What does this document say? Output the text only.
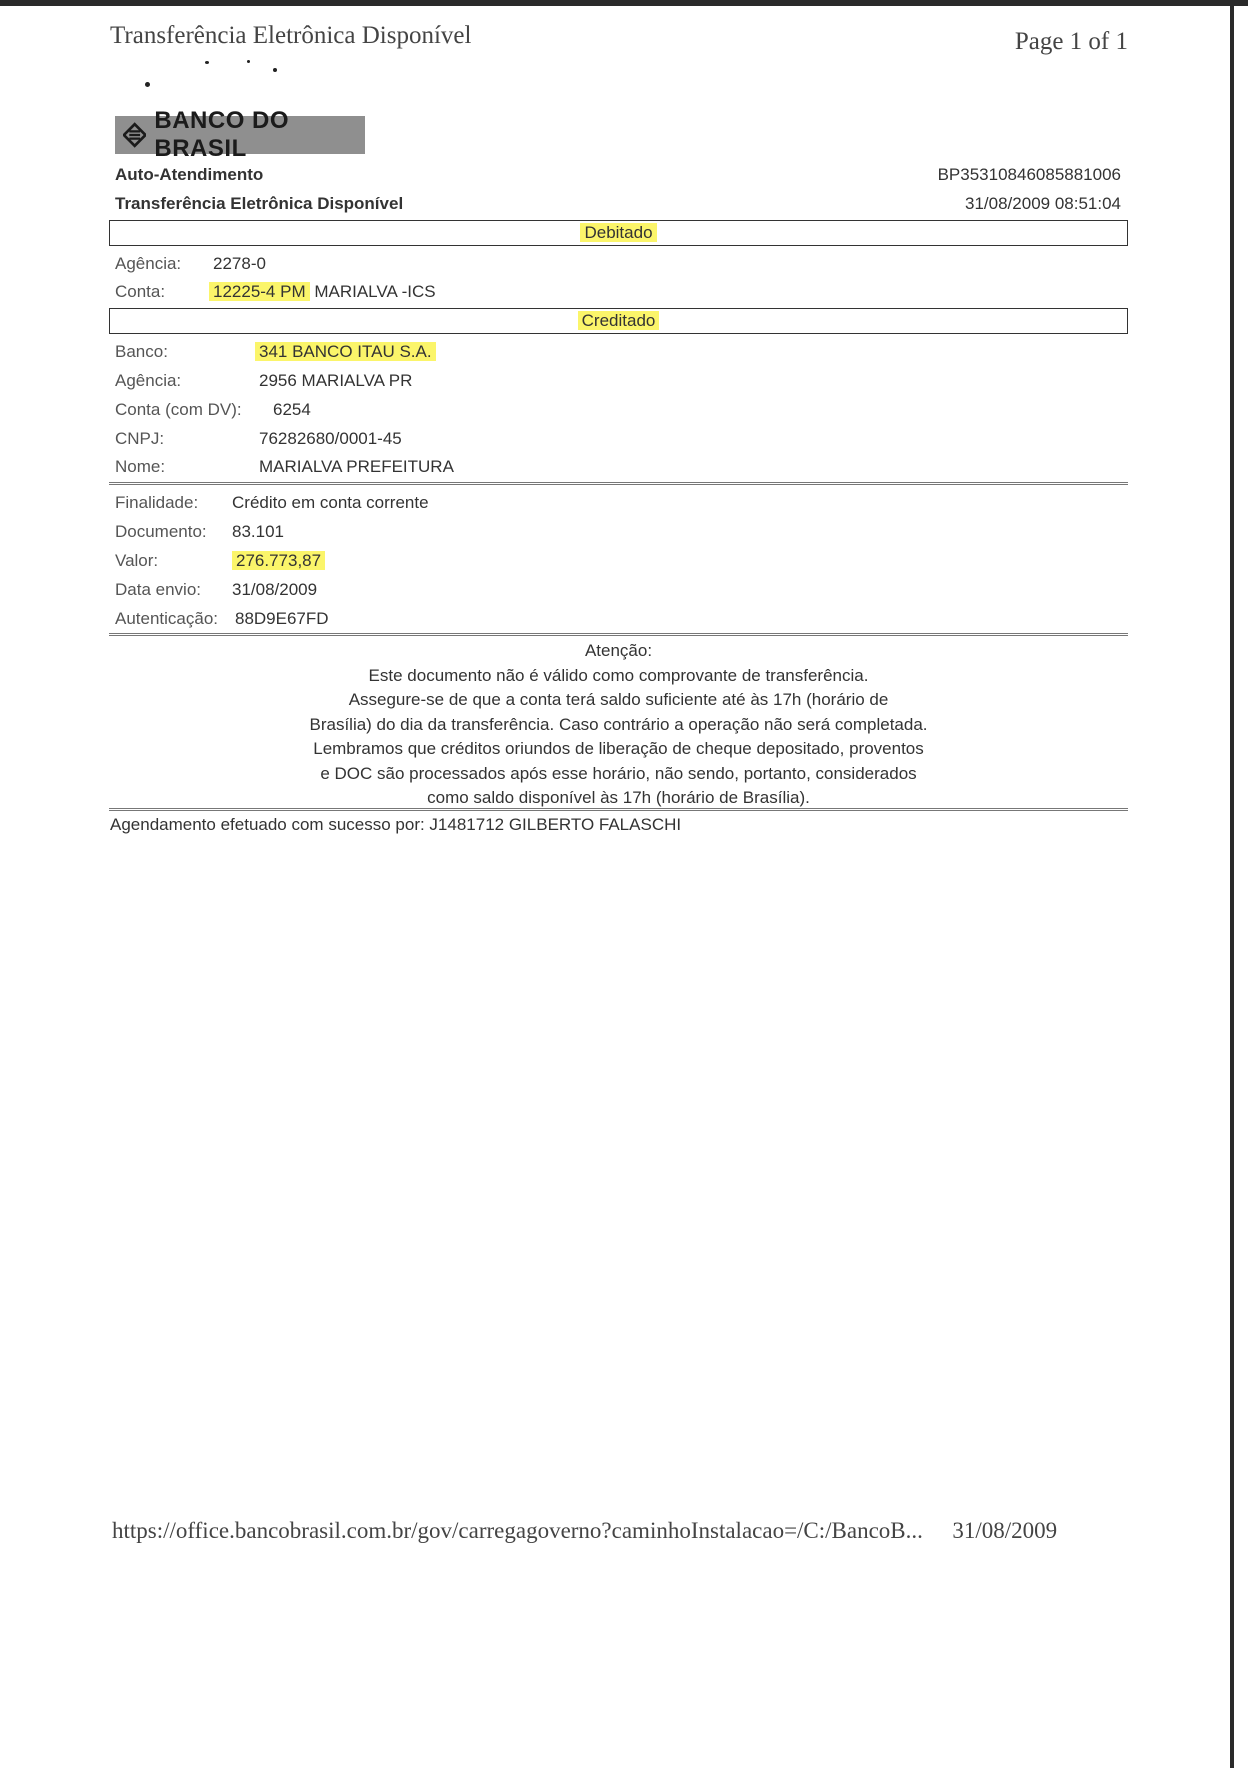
Transferência Eletrônica Disponível	Page 1 of 1
BANCO DO BRASIL
Auto-Atendimento
Transferência Eletrônica Disponível
BP35310846085881006
31/08/2009 08:51:04
Debitado
Agência: 2278-0
Conta:	12225-4 PM MARIALVA -ICS
Creditado
Banco:	341 BANCO ITAU S.A.
Agência:	2956 MARIALVA PR
Conta (com DV): 6254
CNPJ:	76282680/0001-45
Nome:	MARIALVA PREFEITURA
Finalidade: Crédito em conta corrente
Documento: 83.101
Valor:	276.773,87
Data envio: 31/08/2009
Autenticação: 88D9E67FD
Atenção:
Este documento não é válido como comprovante de transferência.
Assegure-se de que a conta terá saldo suficiente até às 17h (horário de
Brasília) do dia da transferência. Caso contrário a operação não será completada.
Lembramos que créditos oriundos de liberação de cheque depositado, proventos
e DOC são processados após esse horário, não sendo, portanto, considerados
como saldo disponível às 17h (horário de Brasília).
Agendamento efetuado com sucesso por: J1481712 GILBERTO FALASCHI
https://office.bancobrasil.com.br/gov/carregagoverno?caminhoInstalacao=/C:/BancoB... 31/08/2009
